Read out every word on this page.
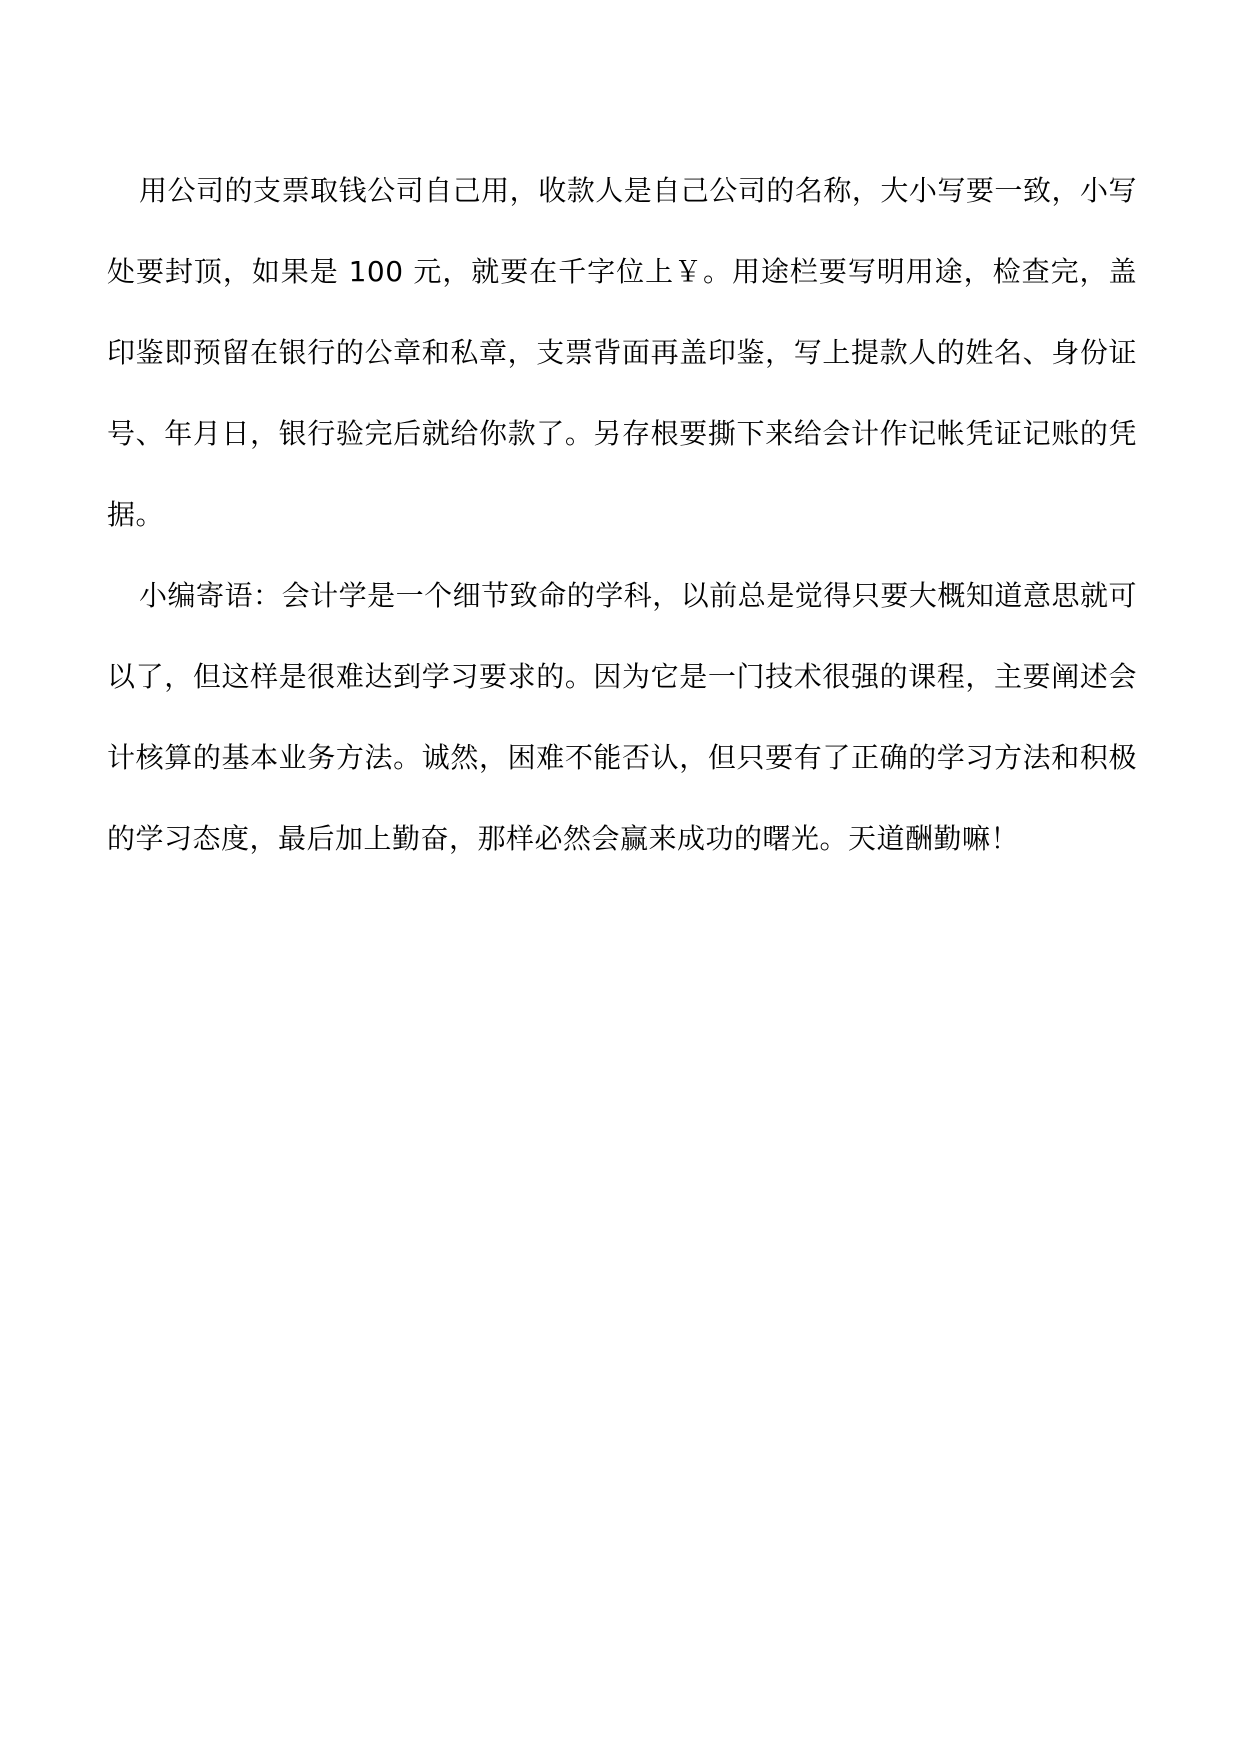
用公司的支票取钱公司自己用，收款人是自己公司的名称，大小写要一致，小写处要封顶，如果是 100 元，就要在千字位上￥。用途栏要写明用途，检查完，盖印鉴即预留在银行的公章和私章，支票背面再盖印鉴，写上提款人的姓名、身份证号、年月日，银行验完后就给你款了。另存根要撕下来给会计作记帐凭证记账的凭据。

小编寄语：会计学是一个细节致命的学科，以前总是觉得只要大概知道意思就可以了，但这样是很难达到学习要求的。因为它是一门技术很强的课程，主要阐述会计核算的基本业务方法。诚然，困难不能否认，但只要有了正确的学习方法和积极的学习态度，最后加上勤奋，那样必然会赢来成功的曙光。天道酬勤嘛！
